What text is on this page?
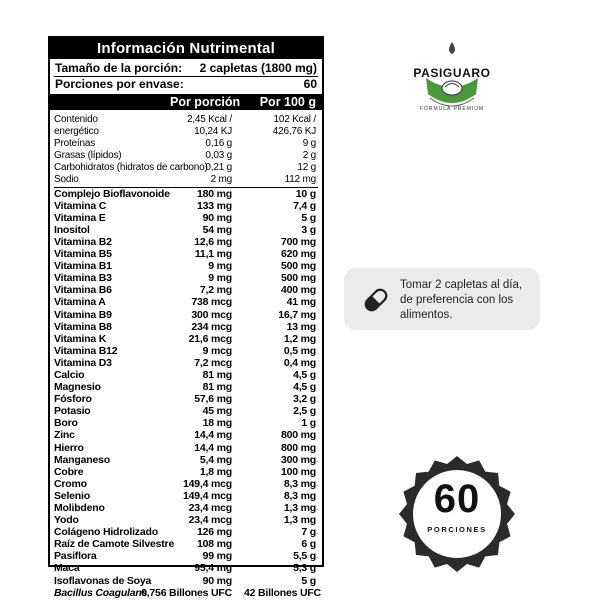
Información Nutrimental
Tamaño de la porción: 2 capletas (1800 mg)
Porciones por envase:	60
Por porción Por 100 g
Contenido	2,45 Kcal /	102 Kcal /
energético	10,24 KJ	426,76 KJ
Proteínas	0,16 g	9 g
Grasas (lípidos)	0,03 g	2 g
Carbohidratos (hidratos de carbono)
0,21 g	12 g
Sodio	2 mg	112 mg
Complejo Bioflavonoide	180 mg	10 g
Vitamina C	133 mg	7,4 g
Vitamina E	90 mg	5 g
Inositol	54 mg	3 g
Vitamina B2	12,6 mg	700 mg
Vitamina B5	11,1 mg	620 mg
Vitamina B1	9 mg	500 mg
Vitamina B3	9 mg	500 mg
Vitamina B6	7,2 mg	400 mg
Vitamina A	738 mcg	41 mg
Vitamina B9	300 mcg	16,7 mg
Vitamina B8	234 mcg	13 mg
Vitamina K	21,6 mcg	1,2 mg
Vitamina B12	9 mcg	0,5 mg
Vitamina D3	7,2 mcg	0,4 mg
Calcio	81 mg	4,5 g
Magnesio	81 mg	4,5 g
Fósforo	57,6 mg	3,2 g
Potasio	45 mg	2,5 g
Boro	18 mg	1 g
Zinc	14,4 mg	800 mg
Hierro	14,4 mg	800 mg
Manganeso	5,4 mg	300 mg
Cobre	1,8 mg	100 mg
Cromo	149,4 mcg	8,3 mg
Selenio	149,4 mcg	8,3 mg
Molibdeno	23,4 mcg	1,3 mg
Yodo	23,4 mcg	1,3 mg
Colágeno Hidrolizado	126 mg	7 g
Raíz de Camote Silvestre 108 mg	6 g
Pasiflora	99 mg	5,5 g
Maca	95,4 mg	5,3 g
Isoflavonas de Soya	90 mg	5 g
Bacillus Coagulans
0,756 Billones UFC 42 Billones UFC
PASIGUARO
FÓRMULA PREMIUM
Tomar 2 capletas al día, de preferencia con los alimentos.
60
PORCIONES
